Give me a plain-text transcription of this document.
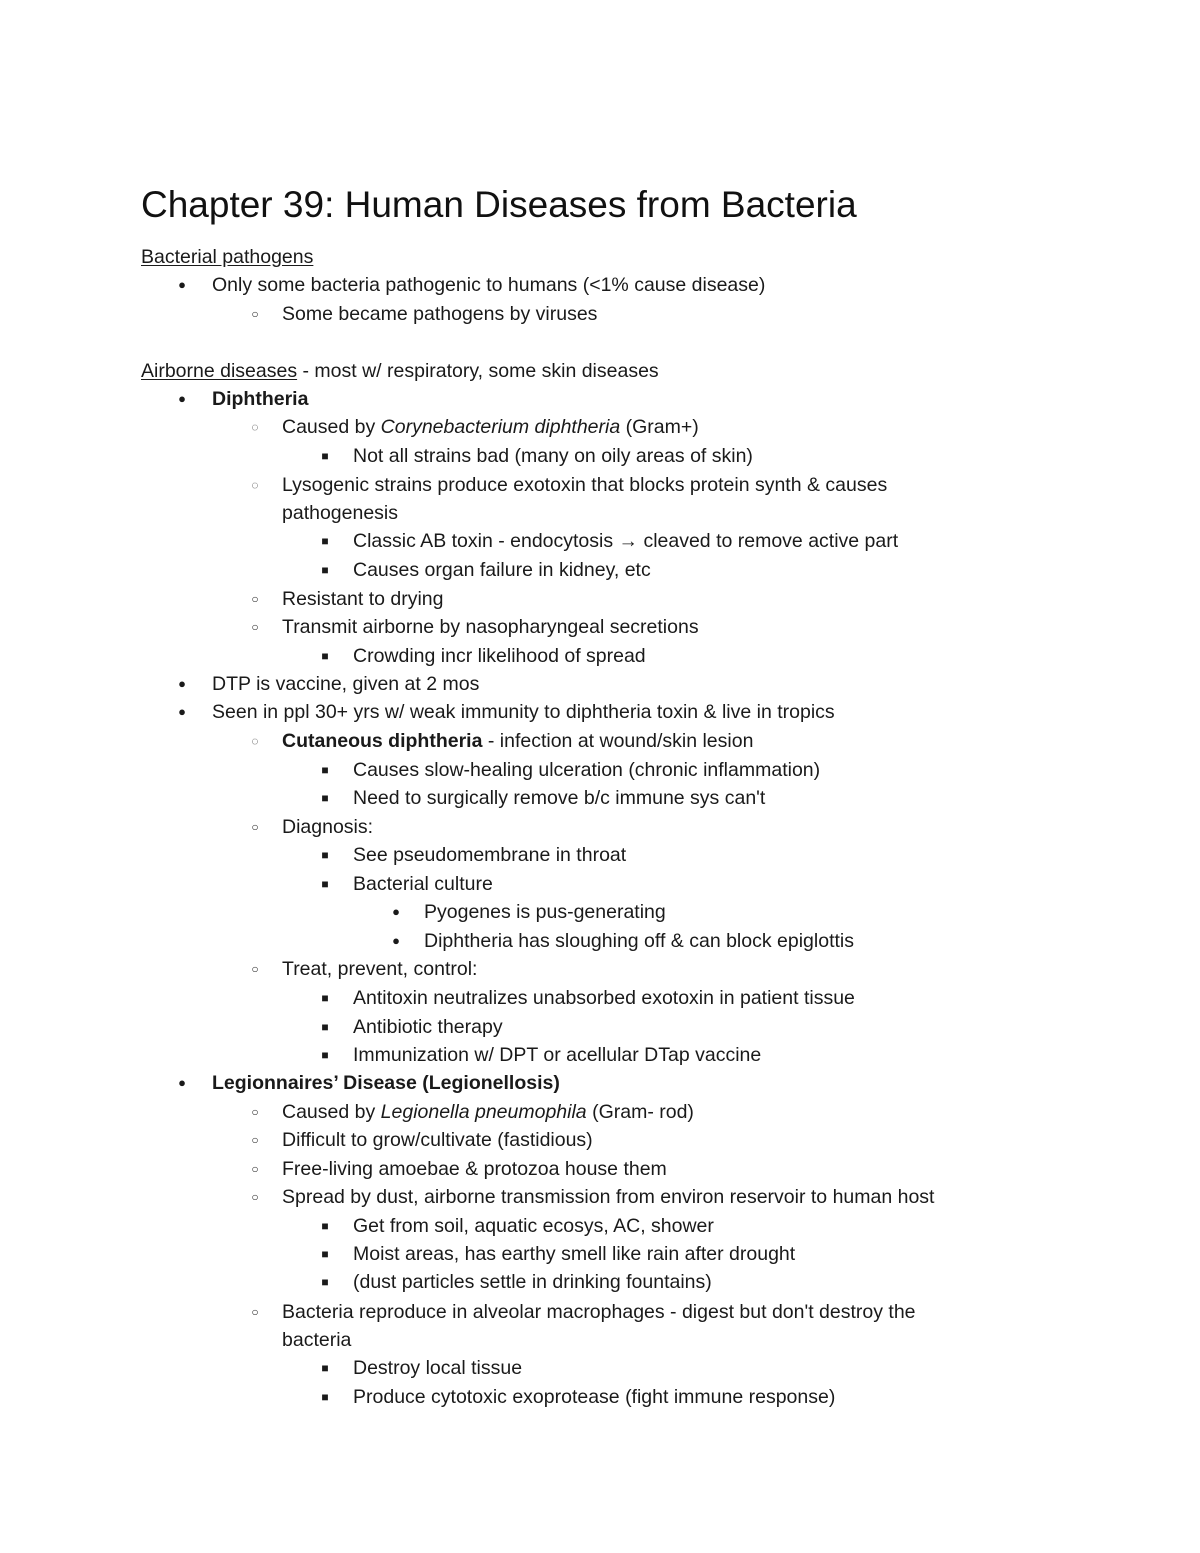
Chapter 39: Human Diseases from Bacteria
Bacterial pathogens
●	Only some bacteria pathogenic to humans (<1% cause disease)
○	Some became pathogens by viruses
Airborne diseases - most w/ respiratory, some skin diseases
●	Diphtheria
◌	Caused by Corynebacterium diphtheria (Gram+)
■	Not all strains bad (many on oily areas of skin)
◌	Lysogenic strains produce exotoxin that blocks protein synth & causes
pathogenesis
■	Classic AB toxin - endocytosis → cleaved to remove active part
■	Causes organ failure in kidney, etc
○	Resistant to drying
○	Transmit airborne by nasopharyngeal secretions
■	Crowding incr likelihood of spread
●	DTP is vaccine, given at 2 mos
●	Seen in ppl 30+ yrs w/ weak immunity to diphtheria toxin & live in tropics
◌	Cutaneous diphtheria - infection at wound/skin lesion
■	Causes slow-healing ulceration (chronic inflammation)
■	Need to surgically remove b/c immune sys can't
○	Diagnosis:
■	See pseudomembrane in throat
■	Bacterial culture
●	Pyogenes is pus-generating
●	Diphtheria has sloughing off & can block epiglottis
○	Treat, prevent, control:
■	Antitoxin neutralizes unabsorbed exotoxin in patient tissue
■	Antibiotic therapy
■	Immunization w/ DPT or acellular DTap vaccine
●	Legionnaires’ Disease (Legionellosis)
○	Caused by Legionella pneumophila (Gram- rod)
○	Difficult to grow/cultivate (fastidious)
○	Free-living amoebae & protozoa house them
○	Spread by dust, airborne transmission from environ reservoir to human host
■	Get from soil, aquatic ecosys, AC, shower
■	Moist areas, has earthy smell like rain after drought
■	(dust particles settle in drinking fountains)
○	Bacteria reproduce in alveolar macrophages - digest but don't destroy the
bacteria
■	Destroy local tissue
■	Produce cytotoxic exoprotease (fight immune response)
